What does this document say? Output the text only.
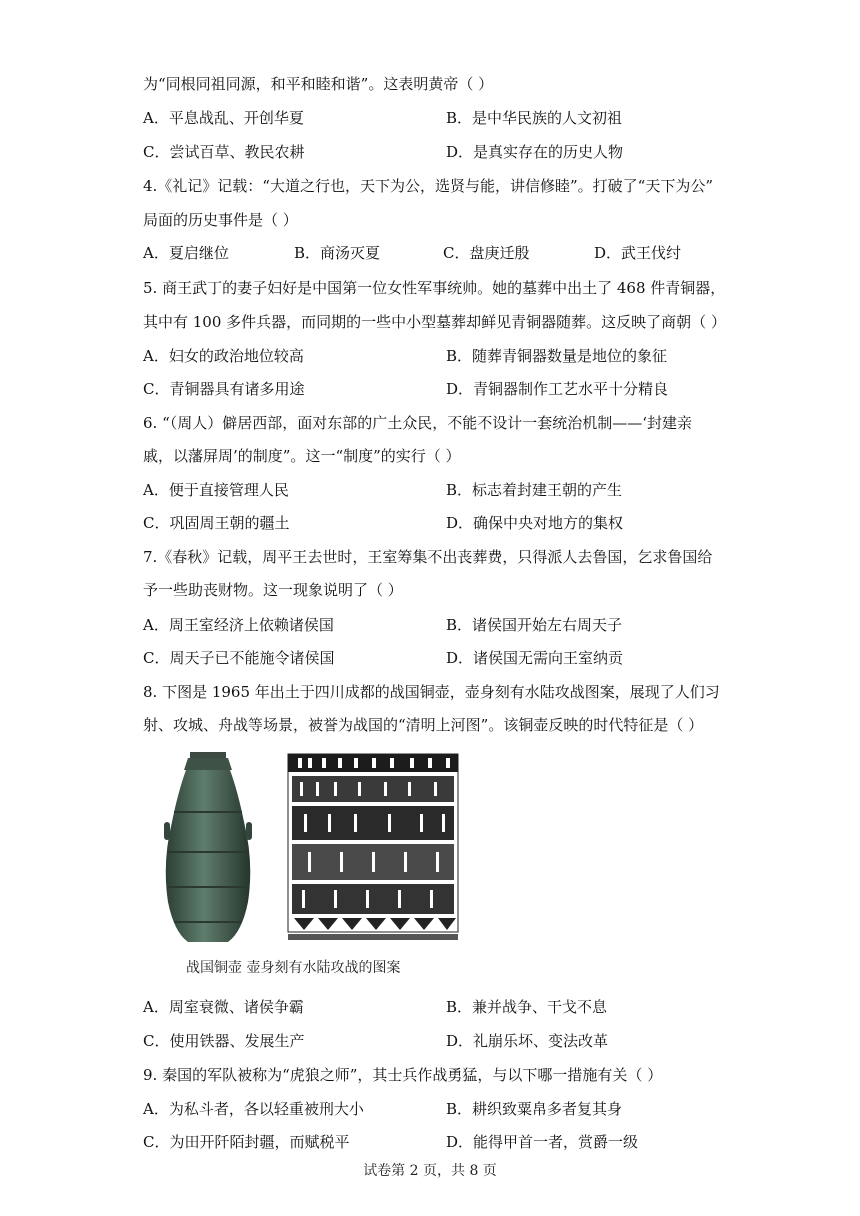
为“同根同祖同源，和平和睦和谐”。这表明黄帝（ ）
A．平息战乱、开创华夏	B．是中华民族的人文初祖
C．尝试百草、教民农耕	D．是真实存在的历史人物
4.《礼记》记载：“大道之行也，天下为公，选贤与能，讲信修睦”。打破了“天下为公”
局面的历史事件是（ ）
A．夏启继位	B．商汤灭夏	C．盘庚迁殷	D．武王伐纣
5. 商王武丁的妻子妇好是中国第一位女性军事统帅。她的墓葬中出土了 468 件青铜器，
其中有 100 多件兵器，而同期的一些中小型墓葬却鲜见青铜器随葬。这反映了商朝（ ）
A．妇女的政治地位较高	B．随葬青铜器数量是地位的象征
C．青铜器具有诸多用途	D．青铜器制作工艺水平十分精良
6. “（周人）僻居西部，面对东部的广土众民，不能不设计一套统治机制——‘封建亲
戚，以藩屏周’的制度”。这一“制度”的实行（ ）
A．便于直接管理人民	B．标志着封建王朝的产生
C．巩固周王朝的疆土	D．确保中央对地方的集权
7.《春秋》记载，周平王去世时，王室筹集不出丧葬费，只得派人去鲁国，乞求鲁国给
予一些助丧财物。这一现象说明了（ ）
A．周王室经济上依赖诸侯国	B．诸侯国开始左右周天子
C．周天子已不能施令诸侯国	D．诸侯国无需向王室纳贡
8. 下图是 1965 年出土于四川成都的战国铜壶，壶身刻有水陆攻战图案，展现了人们习
射、攻城、舟战等场景，被誉为战国的“清明上河图”。该铜壶反映的时代特征是（ ）
战国铜壶 壶身刻有水陆攻战的图案
A．周室衰微、诸侯争霸	B．兼并战争、干戈不息
C．使用铁器、发展生产	D．礼崩乐坏、变法改革
9. 秦国的军队被称为“虎狼之师”，其士兵作战勇猛，与以下哪一措施有关（ ）
A．为私斗者，各以轻重被刑大小	B．耕织致粟帛多者复其身
C．为田开阡陌封疆，而赋税平	D．能得甲首一者，赏爵一级
试卷第 2 页，共 8 页
